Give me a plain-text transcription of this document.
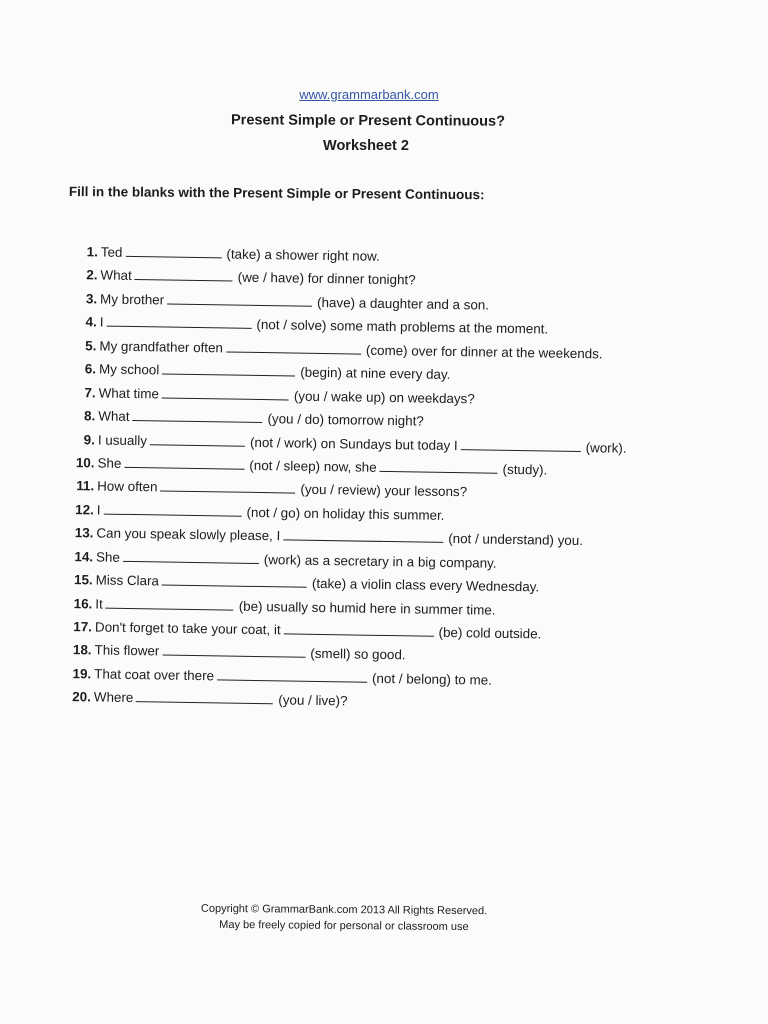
www.grammarbank.com
Present Simple or Present Continuous?
Worksheet 2
Fill in the blanks with the Present Simple or Present Continuous:
1. Ted	(take) a shower right now.
2. What	(we / have) for dinner tonight?
3. My brother	(have) a daughter and a son.
4. I	(not / solve) some math problems at the moment.
5. My grandfather often	(come) over for dinner at the weekends.
6. My school	(begin) at nine every day.
7. What time	(you / wake up) on weekdays?
8. What	(you / do) tomorrow night?
9. I usually	(not / work) on Sundays but today I	(work).
10. She	(not / sleep) now, she	(study).
11. How often	(you / review) your lessons?
12. I	(not / go) on holiday this summer.
13. Can you speak slowly please, I	(not / understand) you.
14. She	(work) as a secretary in a big company.
15. Miss Clara	(take) a violin class every Wednesday.
16. It	(be) usually so humid here in summer time.
17. Don't forget to take your coat, it	(be) cold outside.
18. This flower	(smell) so good.
19. That coat over there	(not / belong) to me.
20. Where	(you / live)?
Copyright © GrammarBank.com 2013 All Rights Reserved.
May be freely copied for personal or classroom use
